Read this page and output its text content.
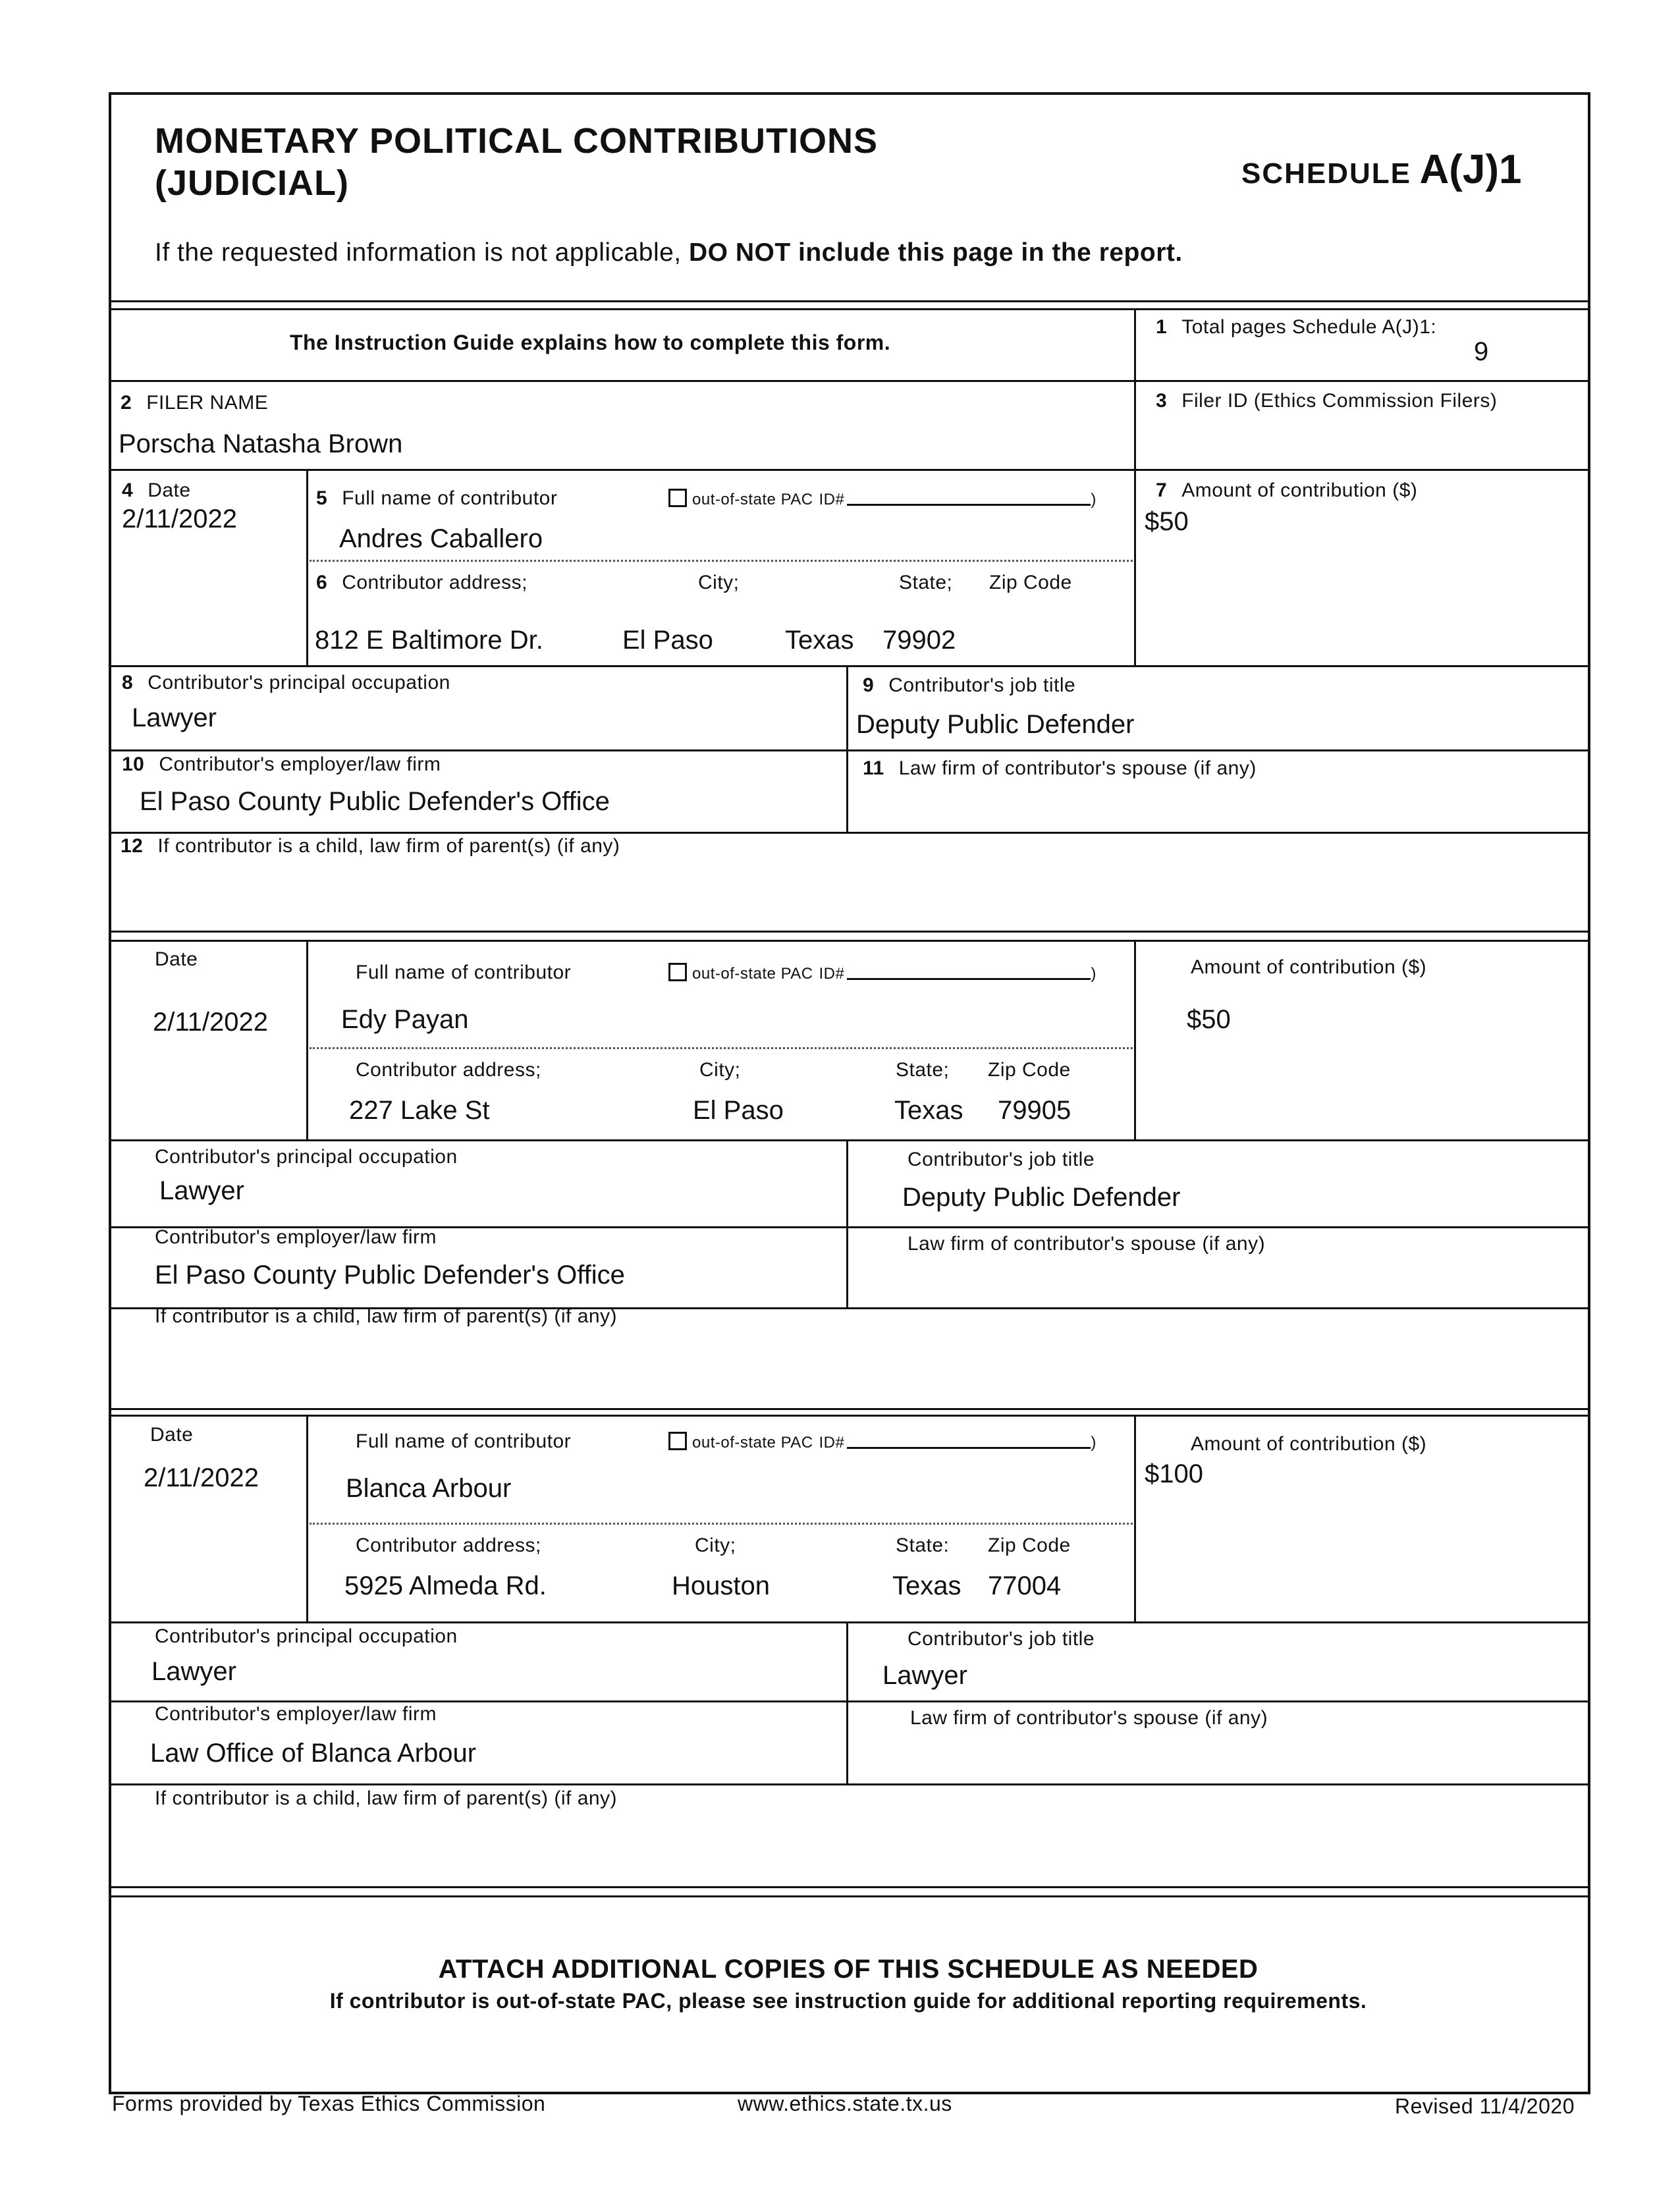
MONETARY POLITICAL CONTRIBUTIONS
(JUDICIAL)	SCHEDULE A(J)1
If the requested information is not applicable, DO NOT include this page in the report.
The Instruction Guide explains how to complete this form.
1 Total pages Schedule A(J)1:
9
2 FILER NAME
Porscha Natasha Brown
3 Filer ID (Ethics Commission Filers)
4 Date
2/11/2022
5 Full name of contributor	out-of-state PAC ID#	)
Andres Caballero
7 Amount of contribution ($)
$50
6 Contributor address;	City;	State; Zip Code
812 E Baltimore Dr.	El Paso	Texas 79902
8 Contributor's principal occupation
Lawyer
9 Contributor's job title
Deputy Public Defender
10 Contributor's employer/law firm
El Paso County Public Defender's Office
11 Law firm of contributor's spouse (if any)
12 If contributor is a child, law firm of parent(s) (if any)
Date
2/11/2022
Full name of contributor	out-of-state PAC ID#	)
Edy Payan
Amount of contribution ($)
$50
Contributor address;	City;	State; Zip Code
227 Lake St	El Paso	Texas 79905
Contributor's principal occupation
Lawyer
Contributor's job title
Deputy Public Defender
Contributor's employer/law firm
El Paso County Public Defender's Office
Law firm of contributor's spouse (if any)
If contributor is a child, law firm of parent(s) (if any)
Date
2/11/2022
Full name of contributor	out-of-state PAC ID#	)
Blanca Arbour
Amount of contribution ($)
$100
Contributor address;	City;	State: Zip Code
5925 Almeda Rd.	Houston	Texas 77004
Contributor's principal occupation
Lawyer
Contributor's job title
Lawyer
Contributor's employer/law firm
Law Office of Blanca Arbour
Law firm of contributor's spouse (if any)
If contributor is a child, law firm of parent(s) (if any)
ATTACH ADDITIONAL COPIES OF THIS SCHEDULE AS NEEDED
If contributor is out-of-state PAC, please see instruction guide for additional reporting requirements.
Forms provided by Texas Ethics Commission	www.ethics.state.tx.us	Revised 11/4/2020
